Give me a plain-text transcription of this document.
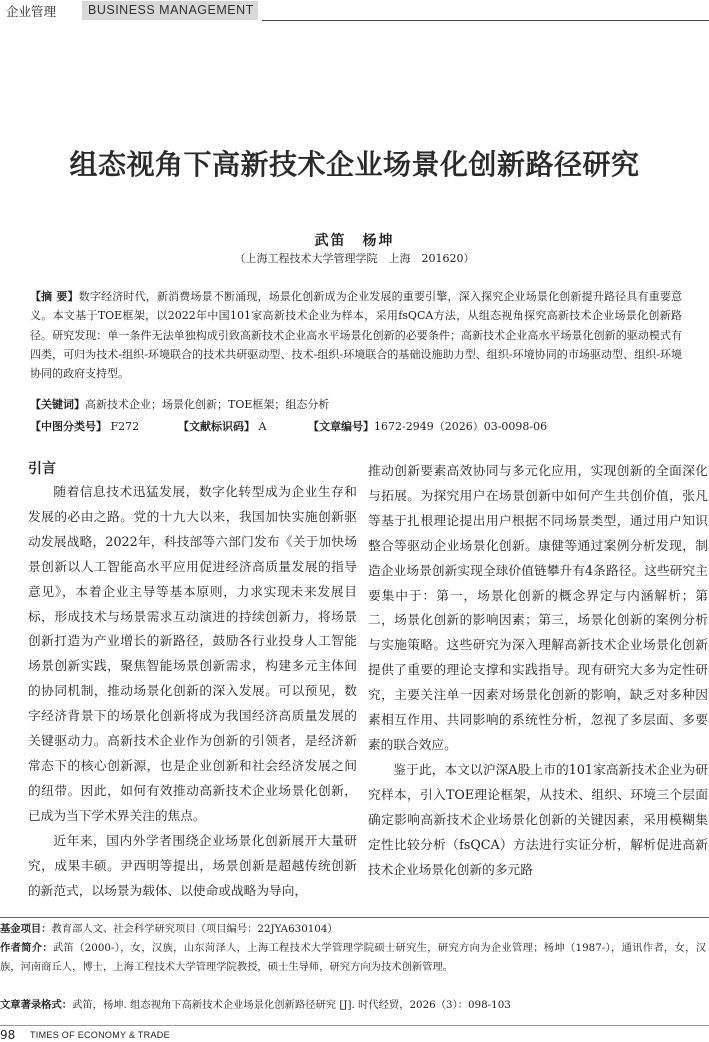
企业管理	BUSINESS MANAGEMENT
组态视角下高新技术企业场景化创新路径研究
武笛　杨坤
（上海工程技术大学管理学院　上海　201620）
【摘 要】数字经济时代，新消费场景不断涌现，场景化创新成为企业发展的重要引擎，深入探究企业场景化创新提升路径具有重要意义。本文基于TOE框架，以2022年中国101家高新技术企业为样本，采用fsQCA方法，从组态视角探究高新技术企业场景化创新路径。研究发现：单一条件无法单独构成引致高新技术企业高水平场景化创新的必要条件；高新技术企业高水平场景化创新的驱动模式有四类，可归为技术-组织-环境联合的技术共研驱动型、技术-组织-环境联合的基础设施助力型、组织-环境协同的市场驱动型、组织-环境协同的政府支持型。
【关键词】高新技术企业；场景化创新；TOE框架；组态分析
【中图分类号】 F272	【文献标识码】 A	【文章编号】1672-2949（2026）03-0098-06

引言

随着信息技术迅猛发展，数字化转型成为企业生存和发展的必由之路。党的十九大以来，我国加快实施创新驱动发展战略，2022年，科技部等六部门发布《关于加快场景创新以人工智能高水平应用促进经济高质量发展的指导意见》，本着企业主导等基本原则，力求实现未来发展目标，形成技术与场景需求互动演进的持续创新力，将场景创新打造为产业增长的新路径，鼓励各行业投身人工智能场景创新实践，聚焦智能场景创新需求，构建多元主体间的协同机制，推动场景化创新的深入发展。可以预见，数字经济背景下的场景化创新将成为我国经济高质量发展的关键驱动力。高新技术企业作为创新的引领者，是经济新常态下的核心创新源，也是企业创新和社会经济发展之间的纽带。因此，如何有效推动高新技术企业场景化创新，已成为当下学术界关注的焦点。

近年来，国内外学者围绕企业场景化创新展开大量研究，成果丰硕。尹西明等提出，场景创新是超越传统创新的新范式，以场景为载体、以使命或战略为导向，

推动创新要素高效协同与多元化应用，实现创新的全面深化与拓展。为探究用户在场景创新中如何产生共创价值，张凡等基于扎根理论提出用户根据不同场景类型，通过用户知识整合等驱动企业场景化创新。康健等通过案例分析发现，制造企业场景创新实现全球价值链攀升有4条路径。这些研究主要集中于：第一，场景化创新的概念界定与内涵解析；第二，场景化创新的影响因素；第三，场景化创新的案例分析与实施策略。这些研究为深入理解高新技术企业场景化创新提供了重要的理论支撑和实践指导。现有研究大多为定性研究，主要关注单一因素对场景化创新的影响，缺乏对多种因素相互作用、共同影响的系统性分析，忽视了多层面、多要素的联合效应。

鉴于此，本文以沪深A股上市的101家高新技术企业为研究样本，引入TOE理论框架，从技术、组织、环境三个层面确定影响高新技术企业场景化创新的关键因素，采用模糊集定性比较分析（fsQCA）方法进行实证分析，解析促进高新技术企业场景化创新的多元路

基金项目：教育部人文、社会科学研究项目（项目编号：22JYA630104）
作者简介：武笛（2000-），女，汉族，山东菏泽人，上海工程技术大学管理学院硕士研究生，研究方向为企业管理；杨坤（1987-），通讯作者，女，汉族，河南商丘人，博士，上海工程技术大学管理学院教授，硕士生导师，研究方向为技术创新管理。
文章著录格式：武笛，杨坤. 组态视角下高新技术企业场景化创新路径研究 [J]. 时代经贸，2026（3）：098-103
98 TIMES OF ECONOMY & TRADE
